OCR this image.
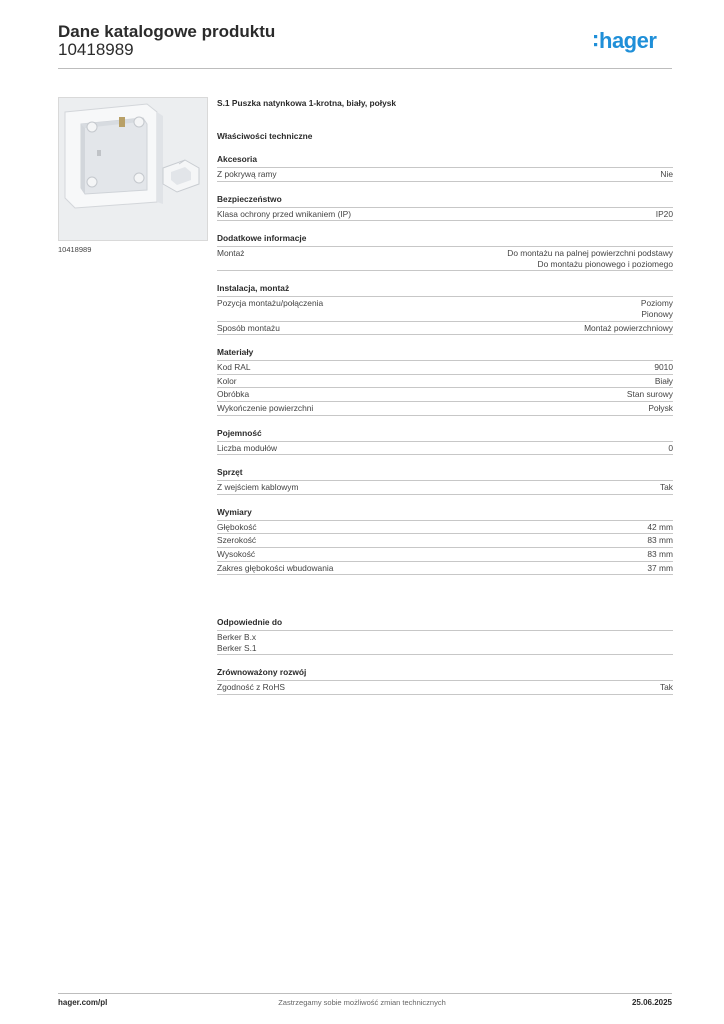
Dane katalogowe produktu
10418989	hager
10418989
S.1 Puszka natynkowa 1-krotna, biały, połysk
Właściwości techniczne
Akcesoria
Z pokrywą ramy	Nie
Bezpieczeństwo
Klasa ochrony przed wnikaniem (IP)	IP20
Dodatkowe informacje
Montaż	Do montażu na palnej powierzchni podstawy
Do montażu pionowego i poziomego
Instalacja, montaż
Pozycja montażu/połączenia	Poziomy
Pionowy
Sposób montażu	Montaż powierzchniowy
Materiały
Kod RAL	9010
Kolor	Biały
Obróbka	Stan surowy
Wykończenie powierzchni	Połysk
Pojemność
Liczba modułów	0
Sprzęt
Z wejściem kablowym	Tak
Wymiary
Głębokość	42 mm
Szerokość	83 mm
Wysokość	83 mm
Zakres głębokości wbudowania	37 mm
Odpowiednie do
Berker B.x
Berker S.1
Zrównoważony rozwój
Zgodność z RoHS	Tak
hager.com/pl	Zastrzegamy sobie możliwość zmian technicznych	25.06.2025
